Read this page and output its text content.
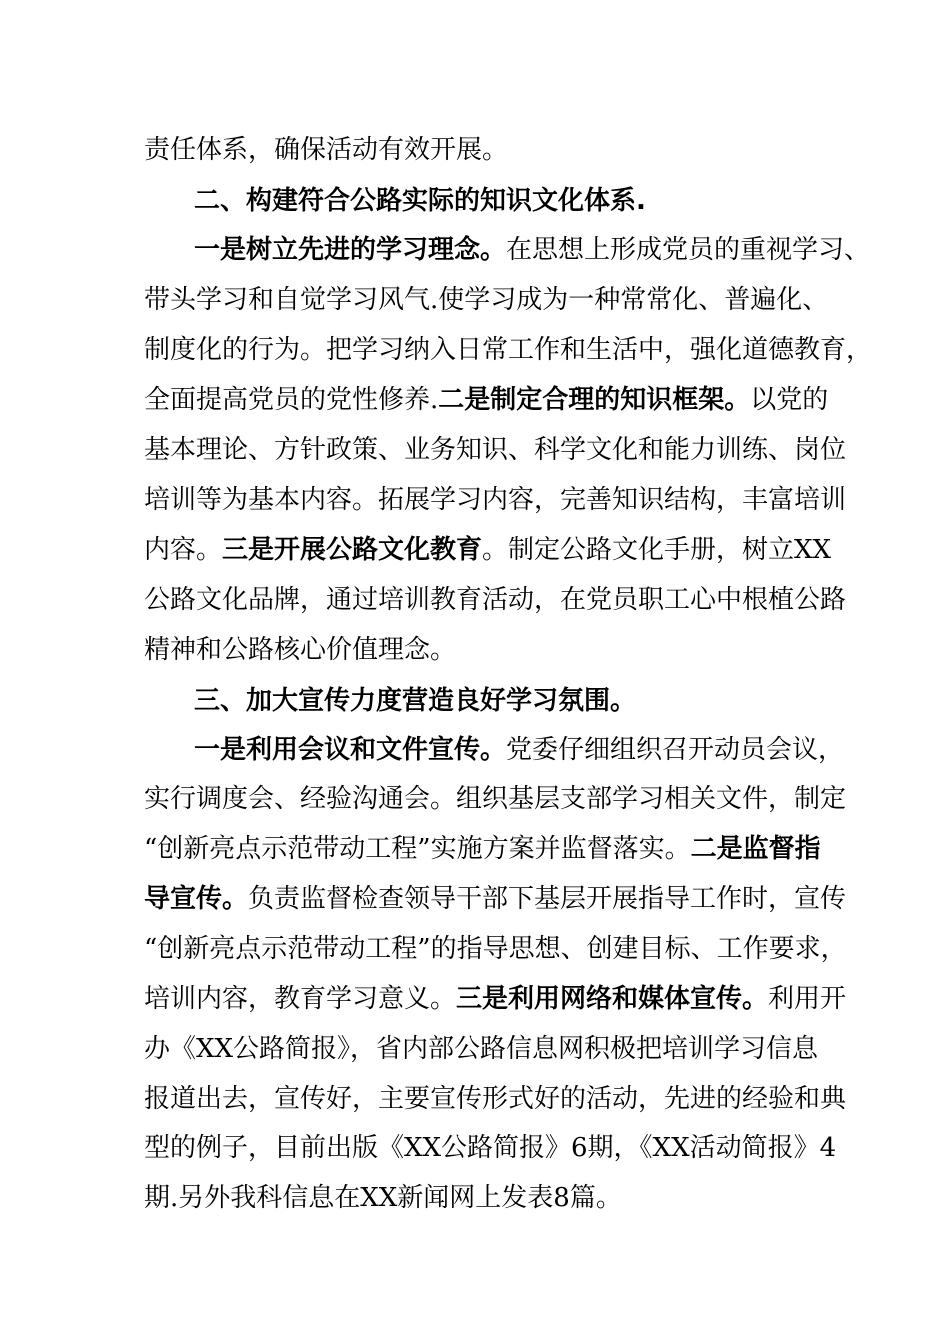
责任体系，确保活动有效开展。
二、构建符合公路实际的知识文化体系.
一是树立先进的学习理念。在思想上形成党员的重视学习、
带头学习和自觉学习风气.使学习成为一种常常化、普遍化、
制度化的行为。把学习纳入日常工作和生活中，强化道德教育，
全面提高党员的党性修养.二是制定合理的知识框架。以党的
基本理论、方针政策、业务知识、科学文化和能力训练、岗位
培训等为基本内容。拓展学习内容，完善知识结构，丰富培训
内容。三是开展公路文化教育。制定公路文化手册，树立XX
公路文化品牌，通过培训教育活动，在党员职工心中根植公路
精神和公路核心价值理念。
三、加大宣传力度营造良好学习氛围。
一是利用会议和文件宣传。党委仔细组织召开动员会议，
实行调度会、经验沟通会。组织基层支部学习相关文件，制定
“创新亮点示范带动工程”实施方案并监督落实。二是监督指
导宣传。负责监督检查领导干部下基层开展指导工作时，宣传
“创新亮点示范带动工程”的指导思想、创建目标、工作要求，
培训内容，教育学习意义。三是利用网络和媒体宣传。利用开
办《XX公路简报》，省内部公路信息网积极把培训学习信息
报道出去，宣传好，主要宣传形式好的活动，先进的经验和典
型的例子，目前出版《XX公路简报》6期，《XX活动简报》4
期.另外我科信息在XX新闻网上发表8篇。
